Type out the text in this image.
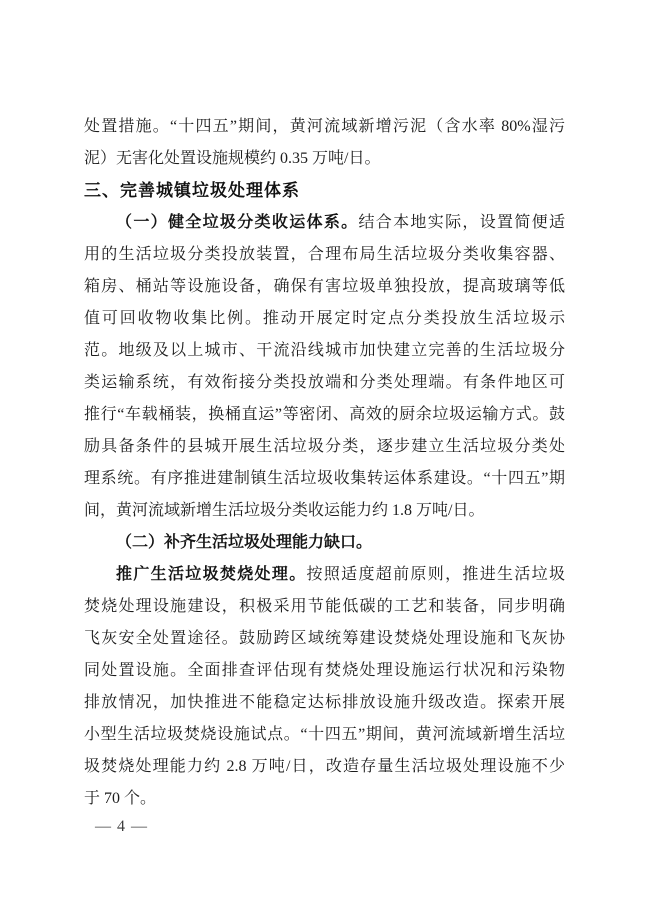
处置措施。“十四五”期间，黄河流域新增污泥（含水率 80%湿污
泥）无害化处置设施规模约 0.35 万吨/日。
三、完善城镇垃圾处理体系
（一）健全垃圾分类收运体系。结合本地实际，设置简便适
用的生活垃圾分类投放装置，合理布局生活垃圾分类收集容器、
箱房、桶站等设施设备，确保有害垃圾单独投放，提高玻璃等低
值可回收物收集比例。推动开展定时定点分类投放生活垃圾示
范。地级及以上城市、干流沿线城市加快建立完善的生活垃圾分
类运输系统，有效衔接分类投放端和分类处理端。有条件地区可
推行“车载桶装，换桶直运”等密闭、高效的厨余垃圾运输方式。鼓
励具备条件的县城开展生活垃圾分类，逐步建立生活垃圾分类处
理系统。有序推进建制镇生活垃圾收集转运体系建设。“十四五”期
间，黄河流域新增生活垃圾分类收运能力约 1.8 万吨/日。
（二）补齐生活垃圾处理能力缺口。
推广生活垃圾焚烧处理。按照适度超前原则，推进生活垃圾
焚烧处理设施建设，积极采用节能低碳的工艺和装备，同步明确
飞灰安全处置途径。鼓励跨区域统筹建设焚烧处理设施和飞灰协
同处置设施。全面排查评估现有焚烧处理设施运行状况和污染物
排放情况，加快推进不能稳定达标排放设施升级改造。探索开展
小型生活垃圾焚烧设施试点。“十四五”期间，黄河流域新增生活垃
圾焚烧处理能力约 2.8 万吨/日，改造存量生活垃圾处理设施不少
于 70 个。
— 4 —
